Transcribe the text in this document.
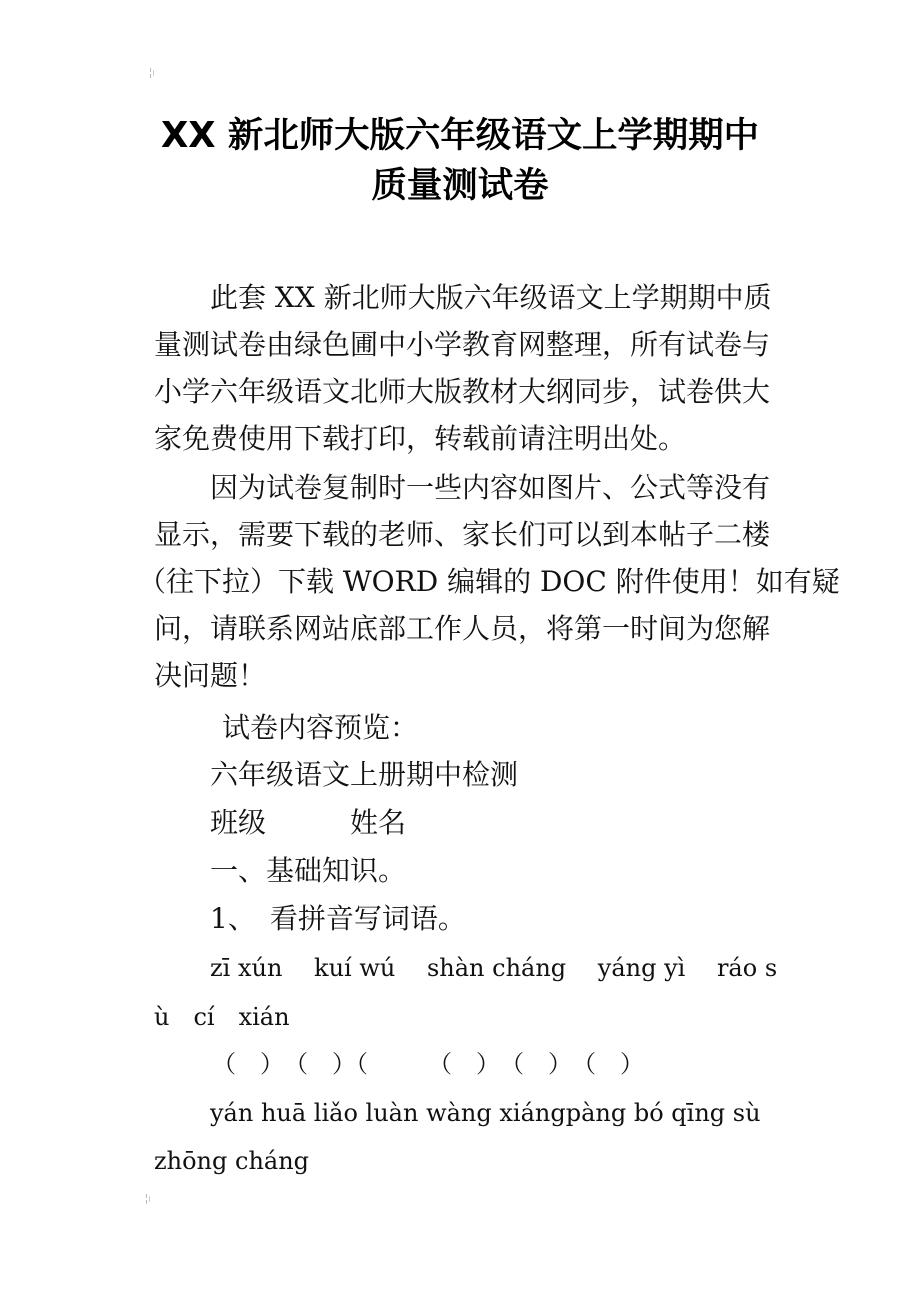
XX 新北师大版六年级语文上学期期中
质量测试卷
此套 XX 新北师大版六年级语文上学期期中质
量测试卷由绿色圃中小学教育网整理，所有试卷与
小学六年级语文北师大版教材大纲同步，试卷供大
家免费使用下载打印，转载前请注明出处。
因为试卷复制时一些内容如图片、公式等没有
显示，需要下载的老师、家长们可以到本帖子二楼
（往下拉）下载 WORD 编辑的 DOC 附件使用！如有疑
问，请联系网站底部工作人员，将第一时间为您解
决问题！
试卷内容预览：
六年级语文上册期中检测
班级　　　姓名
一、基础知识。
1、　看拼音写词语。
zī xún　 kuí wú　 shàn cháng　 yáng yì　 ráo s
ù　cí　xián
（　）　（　）（　　　（　）　（　）　（　）
yán huā liǎo luàn wàng xiángpàng bó qīng sù
zhōng cháng
